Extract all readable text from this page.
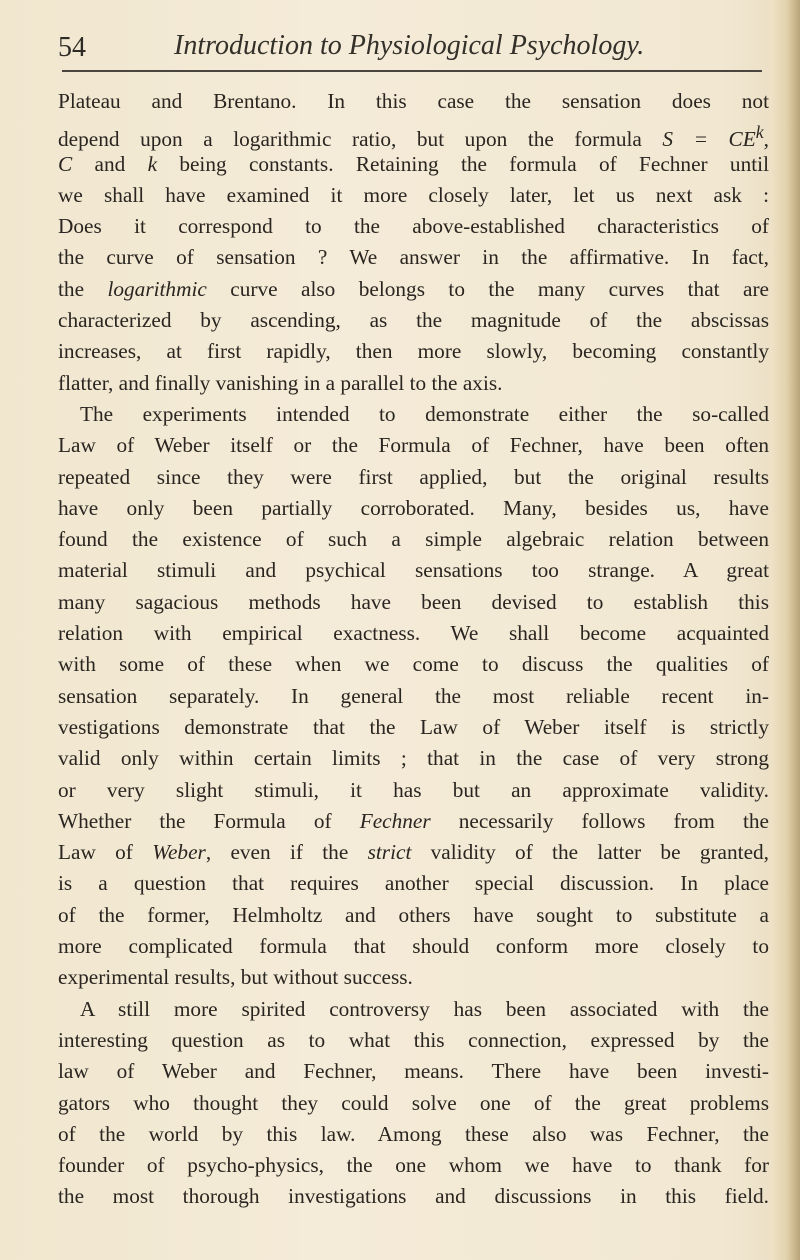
54	Introduction to Physiological Psychology.
Plateau and Brentano. In this case the sensation does not
depend upon a logarithmic ratio, but upon the formula $S = CE^k$,
C and k being constants. Retaining the formula of Fechner until
we shall have examined it more closely later, let us next ask :
Does it correspond to the above-established characteristics of
the curve of sensation ? We answer in the affirmative. In fact,
the logarithmic curve also belongs to the many curves that are
characterized by ascending, as the magnitude of the abscissas
increases, at first rapidly, then more slowly, becoming constantly
flatter, and finally vanishing in a parallel to the axis.
The experiments intended to demonstrate either the so-called
Law of Weber itself or the Formula of Fechner, have been often
repeated since they were first applied, but the original results
have only been partially corroborated. Many, besides us, have
found the existence of such a simple algebraic relation between
material stimuli and psychical sensations too strange. A great
many sagacious methods have been devised to establish this
relation with empirical exactness. We shall become acquainted
with some of these when we come to discuss the qualities of
sensation separately. In general the most reliable recent in-
vestigations demonstrate that the Law of Weber itself is strictly
valid only within certain limits ; that in the case of very strong
or very slight stimuli, it has but an approximate validity.
Whether the Formula of Fechner necessarily follows from the
Law of Weber, even if the strict validity of the latter be granted,
is a question that requires another special discussion. In place
of the former, Helmholtz and others have sought to substitute a
more complicated formula that should conform more closely to
experimental results, but without success.
A still more spirited controversy has been associated with the
interesting question as to what this connection, expressed by the
law of Weber and Fechner, means. There have been investi-
gators who thought they could solve one of the great problems
of the world by this law. Among these also was Fechner, the
founder of psycho-physics, the one whom we have to thank for
the most thorough investigations and discussions in this field.
